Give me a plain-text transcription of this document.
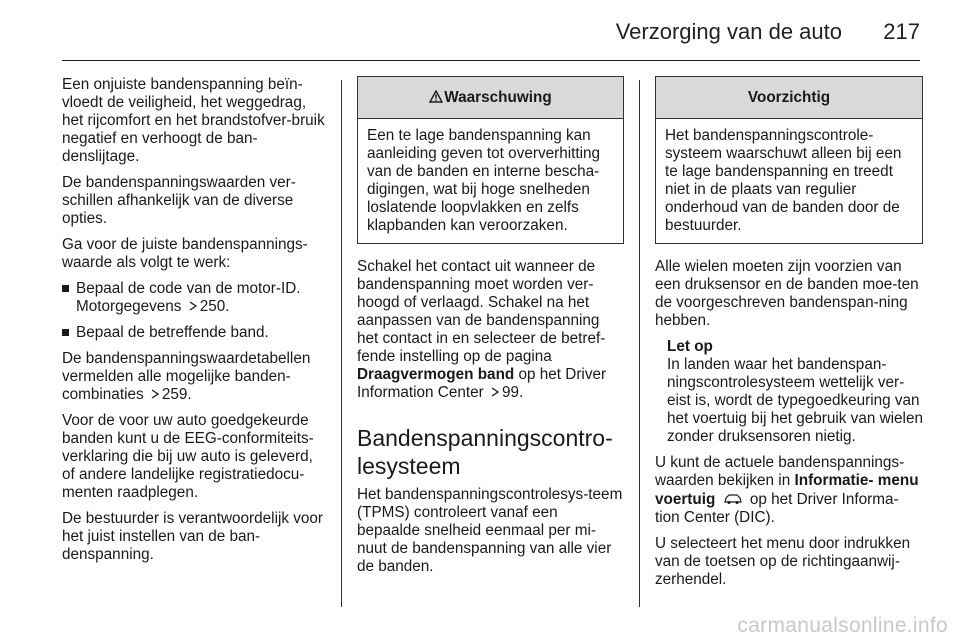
Verzorging van de auto 217

Een onjuiste bandenspanning beïn-vloedt de veiligheid, het weggedrag, het rijcomfort en het brandstofver-bruik negatief en verhoogt de ban-denslijtage.

De bandenspanningswaarden ver-schillen afhankelijk van de diverse opties.

Ga voor de juiste bandenspannings-waarde als volgt te werk:

Bepaal de code van de motor-ID. Motorgegevens 250.

Bepaal de betreffende band.

De bandenspanningswaardetabellen vermelden alle mogelijke banden-combinaties 259.

Voor de voor uw auto goedgekeurde banden kunt u de EEG-conformiteits-verklaring die bij uw auto is geleverd, of andere landelijke registratiedocu-menten raadplegen.

De bestuurder is verantwoordelijk voor het juist instellen van de ban-denspanning.

Waarschuwing
Een te lage bandenspanning kan aanleiding geven tot oververhitting van de banden en interne bescha-digingen, wat bij hoge snelheden loslatende loopvlakken en zelfs klapbanden kan veroorzaken.

Schakel het contact uit wanneer de bandenspanning moet worden ver-hoogd of verlaagd. Schakel na het aanpassen van de bandenspanning het contact in en selecteer de betref-fende instelling op de pagina Draagvermogen band op het Driver Information Center 99.

Bandenspanningscontro-lesysteem

Het bandenspanningscontrolesys-teem (TPMS) controleert vanaf een bepaalde snelheid eenmaal per mi-nuut de bandenspanning van alle vier de banden.

Voorzichtig
Het bandenspanningscontrole-systeem waarschuwt alleen bij een te lage bandenspanning en treedt niet in de plaats van regulier onderhoud van de banden door de bestuurder.

Alle wielen moeten zijn voorzien van een druksensor en de banden moe-ten de voorgeschreven bandenspan-ning hebben.

Let op
In landen waar het bandenspan-ningscontrolesysteem wettelijk ver-eist is, wordt de typegoedkeuring van het voertuig bij het gebruik van wielen zonder druksensoren nietig.

U kunt de actuele bandenspannings-waarden bekijken in Informatie- menu voertuig op het Driver Informa-tion Center (DIC).

U selecteert het menu door indrukken van de toetsen op de richtingaanwij-zerhendel.

carmanualsonline.info
